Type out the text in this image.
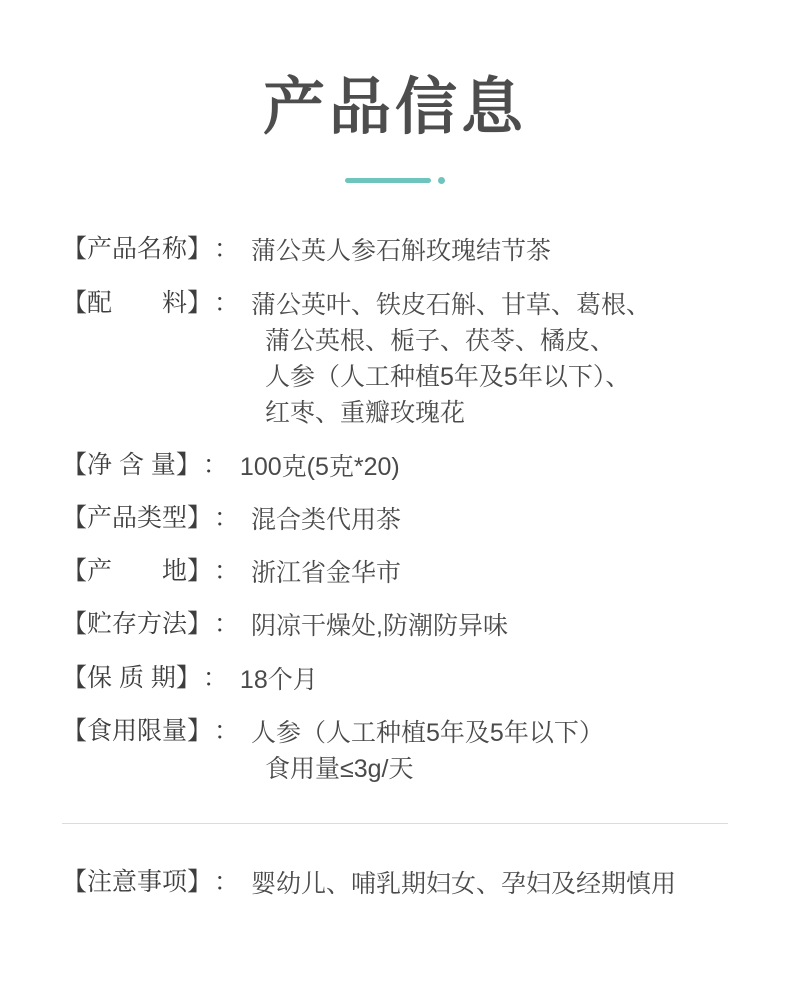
产品信息
【产品名称】 ： 蒲公英人参石斛玫瑰结节茶
【配　　料】 ： 蒲公英叶、铁皮石斛、甘草、葛根、
蒲公英根、栀子、茯苓、橘皮、
人参（人工种植5年及5年以下）、
红枣、重瓣玫瑰花
【净 含 量】 ： 100克(5克*20)
【产品类型】 ： 混合类代用茶
【产　　地】 ： 浙江省金华市
【贮存方法】 ： 阴凉干燥处,防潮防异味
【保 质 期】 ： 18个月
【食用限量】 ： 人参（人工种植5年及5年以下）
食用量≤3g/天
【注意事项】 ： 婴幼儿、哺乳期妇女、孕妇及经期慎用
